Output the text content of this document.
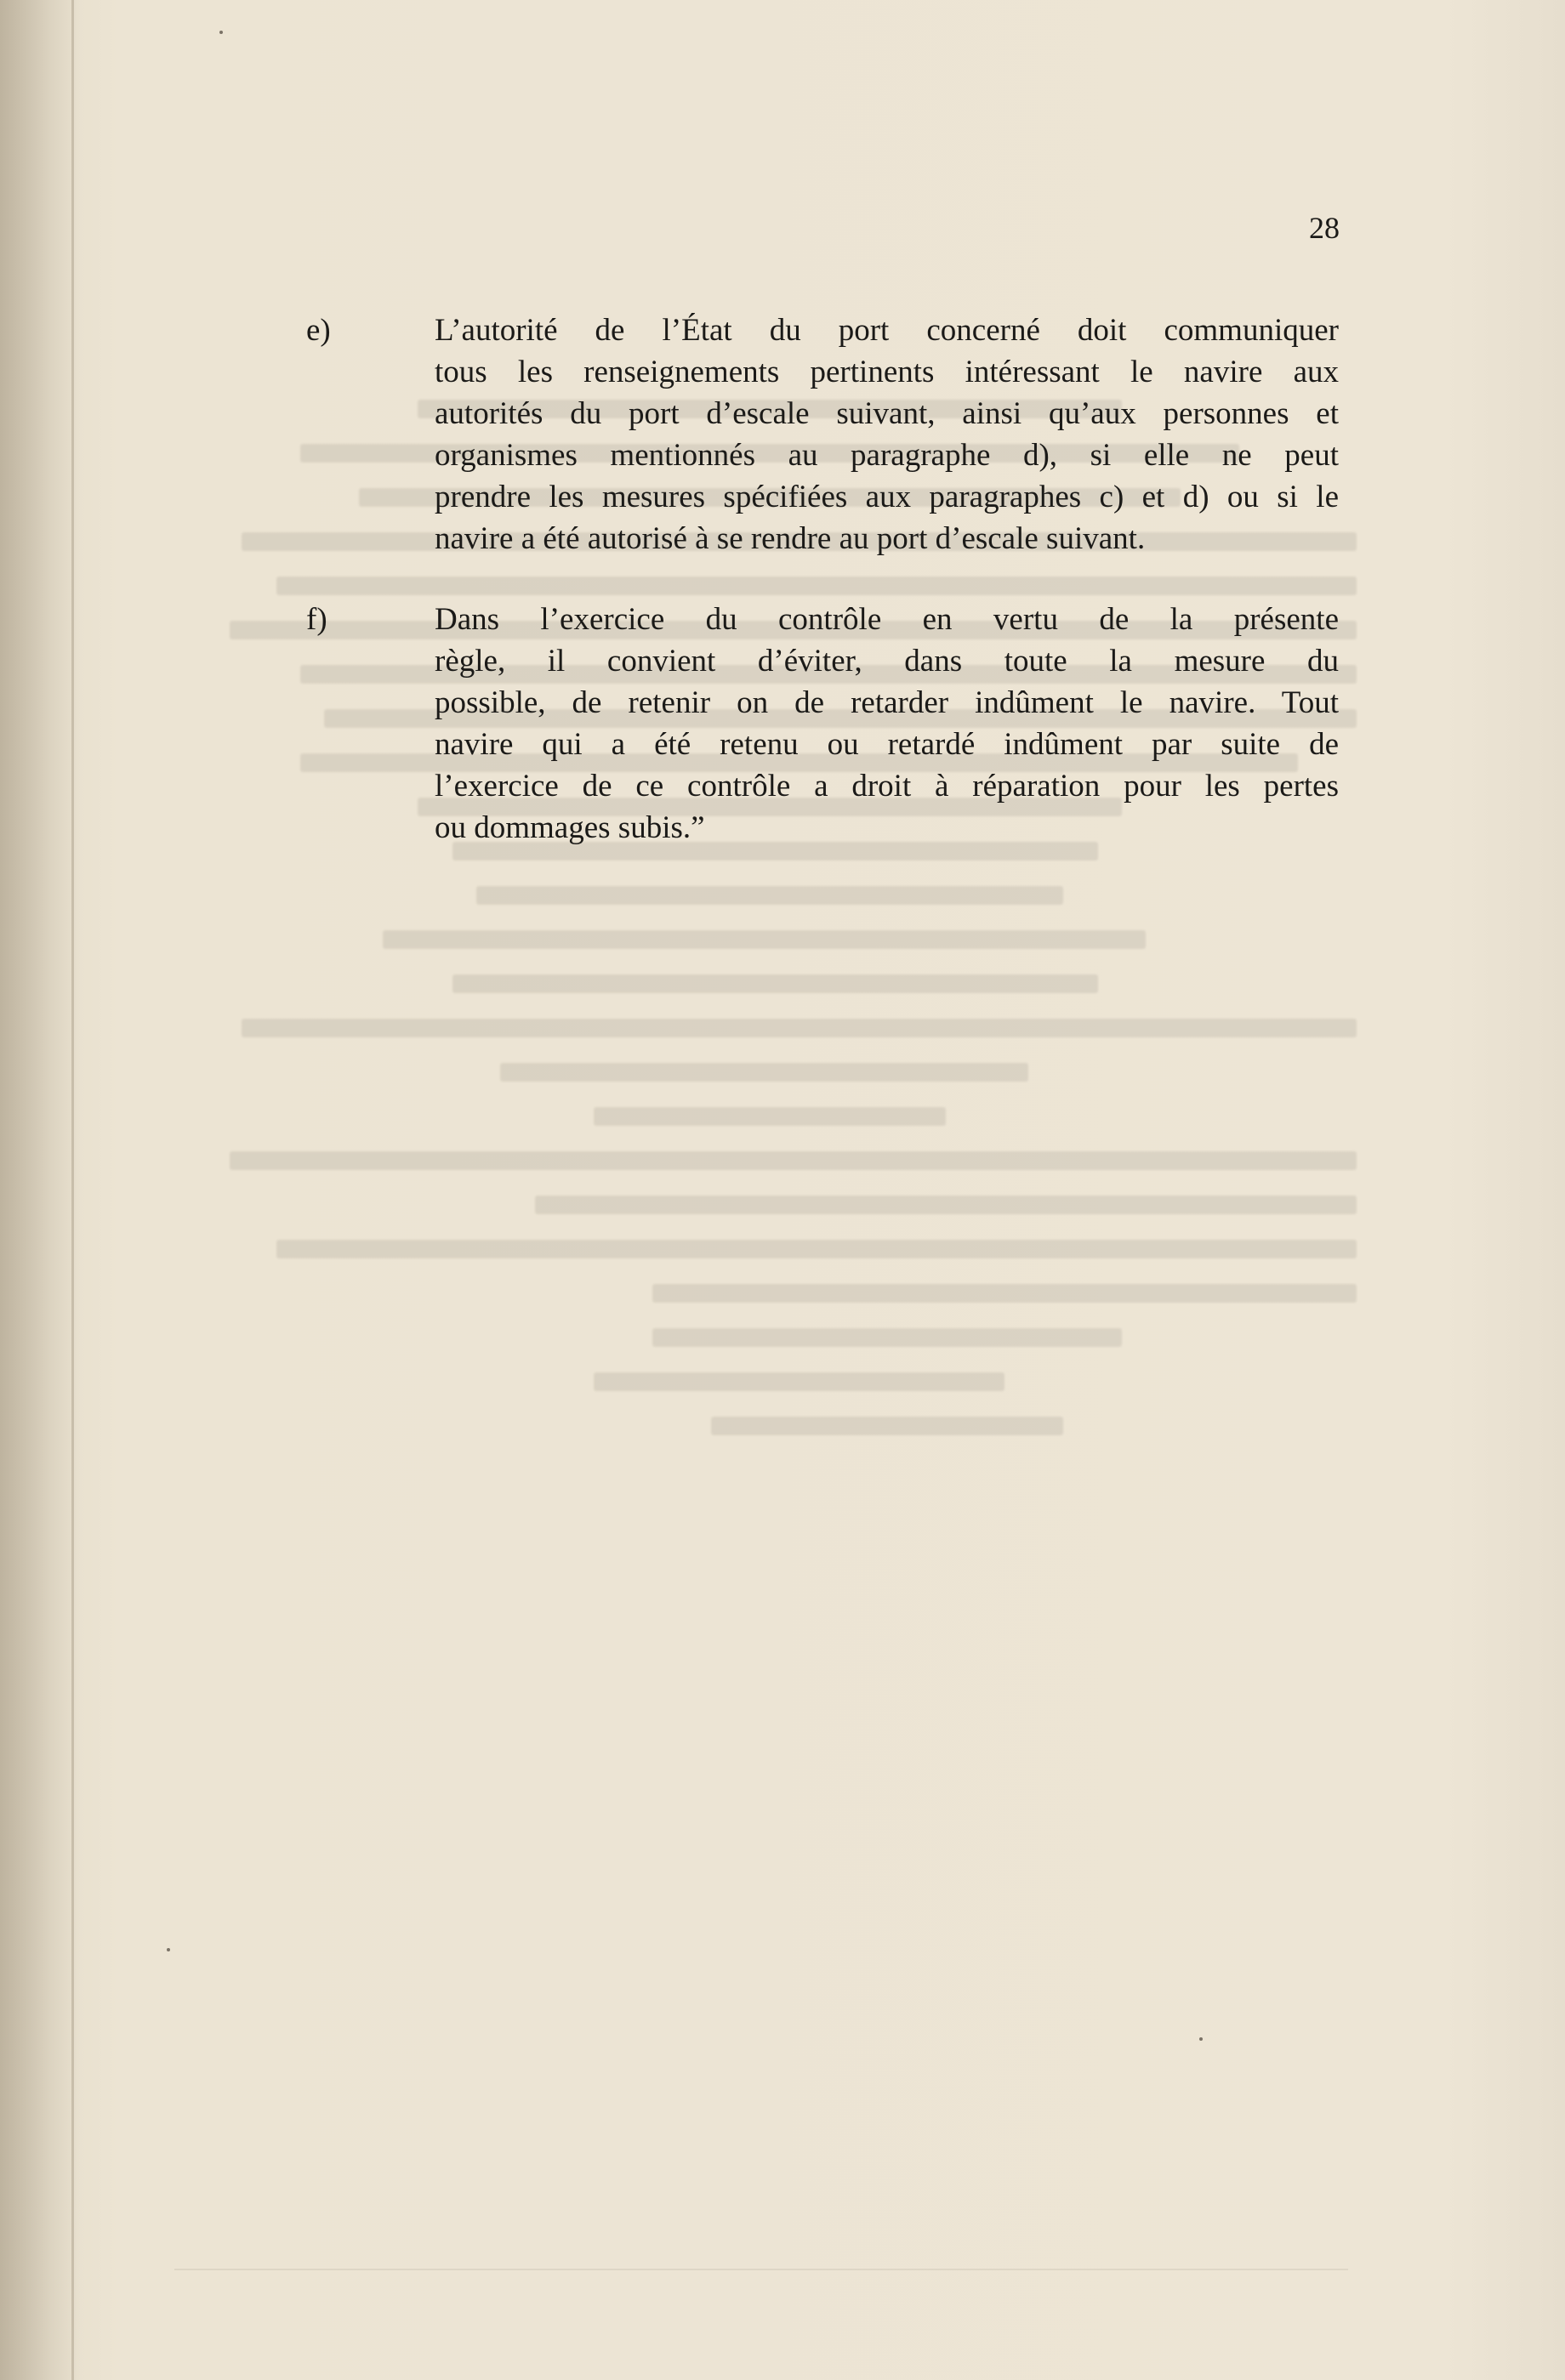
28
e)	L’autorité de l’État du port concerné doit communiquer
tous les renseignements pertinents intéressant le navire aux
autorités du port d’escale suivant, ainsi qu’aux personnes et
organismes mentionnés au paragraphe d), si elle ne peut
prendre les mesures spécifiées aux paragraphes c) et d) ou si le
navire a été autorisé à se rendre au port d’escale suivant.
f)	Dans l’exercice du contrôle en vertu de la présente
règle, il convient d’éviter, dans toute la mesure du
possible, de retenir on de retarder indûment le navire. Tout
navire qui a été retenu ou retardé indûment par suite de
l’exercice de ce contrôle a droit à réparation pour les pertes
ou dommages subis.”
